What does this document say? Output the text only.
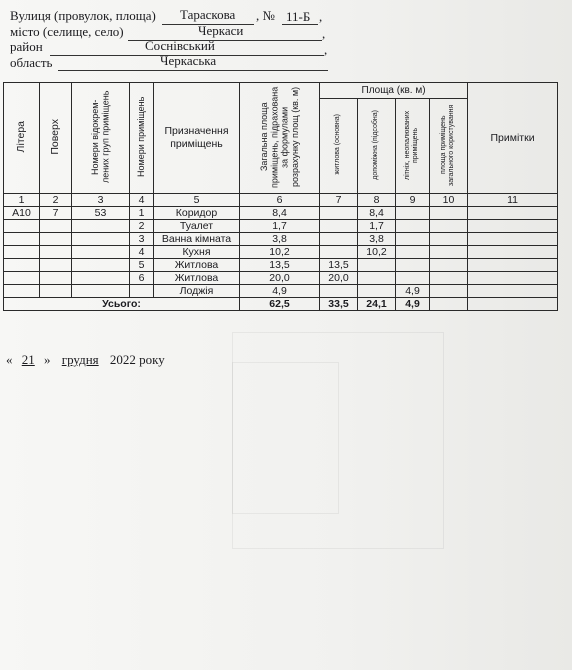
Вулиця (провулок, площа) Тараскова , № 11-Б ,
місто (селище, село)	Черкаси	,
район	Соснівський	,
область	Черкаська
Літера	Поверх	Номери відокрем-лених груп приміщень	Номери приміщень	Призначення приміщень	Загальна площа приміщень, підрахована за формулами розрахунку площ (кв. м)	Площа (кв. м)				Примітки
						житлова (основна)	допоміжна (підсобна)	літніх, неопалюваних приміщень	площа приміщень загального користування	
1	2	3	4	5	6	7	8	9	10	11
А10	7	53	1	Коридор	8,4		8,4			
			2	Туалет	1,7		1,7			
			3	Ванна кімната	3,8		3,8			
			4	Кухня	10,2		10,2			
			5	Житлова	13,5	13,5				
			6	Житлова	20,0	20,0				
				Лоджія	4,9			4,9		
Усього:					62,5	33,5	24,1	4,9		
« 21 » грудня 2022 року
